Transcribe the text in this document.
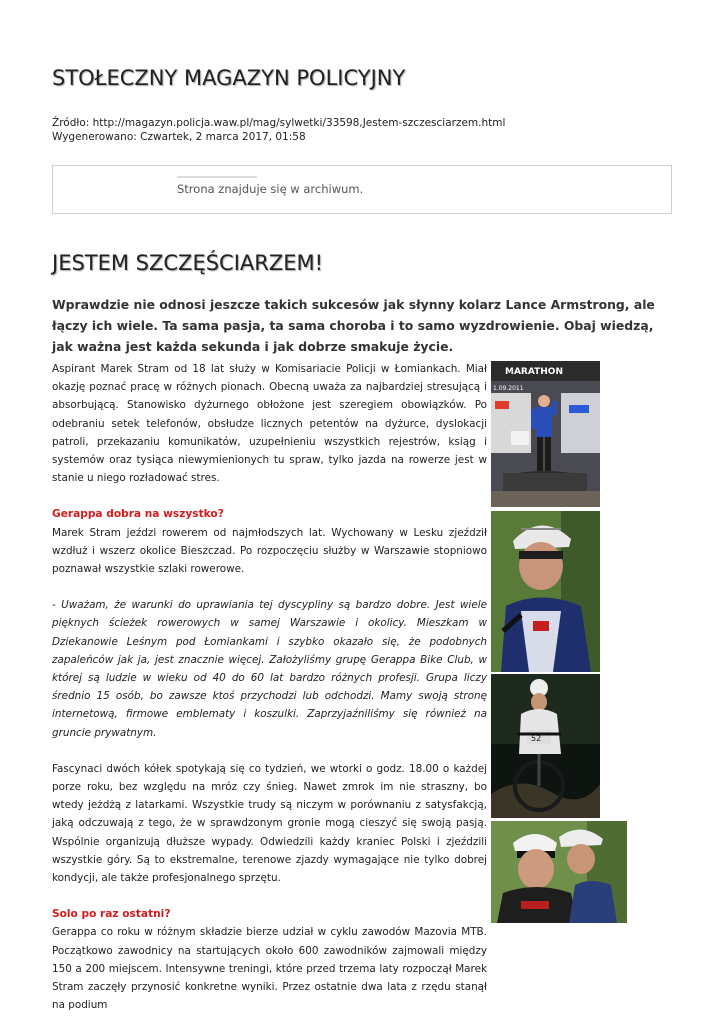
STOŁECZNY MAGAZYN POLICYJNY
Źródło: http://magazyn.policja.waw.pl/mag/sylwetki/33598,Jestem-szczesciarzem.html
Wygenerowano: Czwartek, 2 marca 2017, 01:58
Strona znajduje się w archiwum.
JESTEM SZCZĘŚCIARZEM!

Wprawdzie nie odnosi jeszcze takich sukcesów jak słynny kolarz Lance Armstrong, ale łączy ich wiele. Ta sama pasja, ta sama choroba i to samo wyzdrowienie. Obaj wiedzą, jak ważna jest każda sekunda i jak dobrze smakuje życie.

Aspirant Marek Stram od 18 lat służy w Komisariacie Policji w Łomiankach. Miał okazję poznać pracę w różnych pionach. Obecną uważa za najbardziej stresującą i absorbującą. Stanowisko dyżurnego obłożone jest szeregiem obowiązków. Po odebraniu setek telefonów, obsłudze licznych petentów na dyżurce, dyslokacji patroli, przekazaniu komunikatów, uzupełnieniu wszystkich rejestrów, ksiąg i systemów oraz tysiąca niewymienionych tu spraw, tylko jazda na rowerze jest w stanie u niego rozładować stres.

Gerappa dobra na wszystko?

Marek Stram jeździ rowerem od najmłodszych lat. Wychowany w Lesku zjeździł wzdłuż i wszerz okolice Bieszczad. Po rozpoczęciu służby w Warszawie stopniowo poznawał wszystkie szlaki rowerowe.

- Uważam, że warunki do uprawiania tej dyscypliny są bardzo dobre. Jest wiele pięknych ścieżek rowerowych w samej Warszawie i okolicy. Mieszkam w Dziekanowie Leśnym pod Łomiankami i szybko okazało się, że podobnych zapaleńców jak ja, jest znacznie więcej. Założyliśmy grupę Gerappa Bike Club, w której są ludzie w wieku od 40 do 60 lat bardzo różnych profesji. Grupa liczy średnio 15 osób, bo zawsze ktoś przychodzi lub odchodzi. Mamy swoją stronę internetową, firmowe emblematy i koszulki. Zaprzyjaźniliśmy się również na gruncie prywatnym.

Fascynaci dwóch kółek spotykają się co tydzień, we wtorki o godz. 18.00 o każdej porze roku, bez względu na mróz czy śnieg. Nawet zmrok im nie straszny, bo wtedy jeżdżą z latarkami. Wszystkie trudy są niczym w porównaniu z satysfakcją, jaką odczuwają z tego, że w sprawdzonym gronie mogą cieszyć się swoją pasją. Wspólnie organizują dłuższe wypady. Odwiedzili każdy kraniec Polski i zjeździli wszystkie góry. Są to ekstremalne, terenowe zjazdy wymagające nie tylko dobrej kondycji, ale także profesjonalnego sprzętu.

Solo po raz ostatni?

Gerappa co roku w różnym składzie bierze udział w cyklu zawodów Mazovia MTB. Początkowo zawodnicy na startujących około 600 zawodników zajmowali między 150 a 200 miejscem. Intensywne treningi, które przed trzema laty rozpoczął Marek Stram zaczęły przynosić konkretne wyniki. Przez ostatnie dwa lata z rzędu stanął na podium

MARATHON
1.09.2011
52
